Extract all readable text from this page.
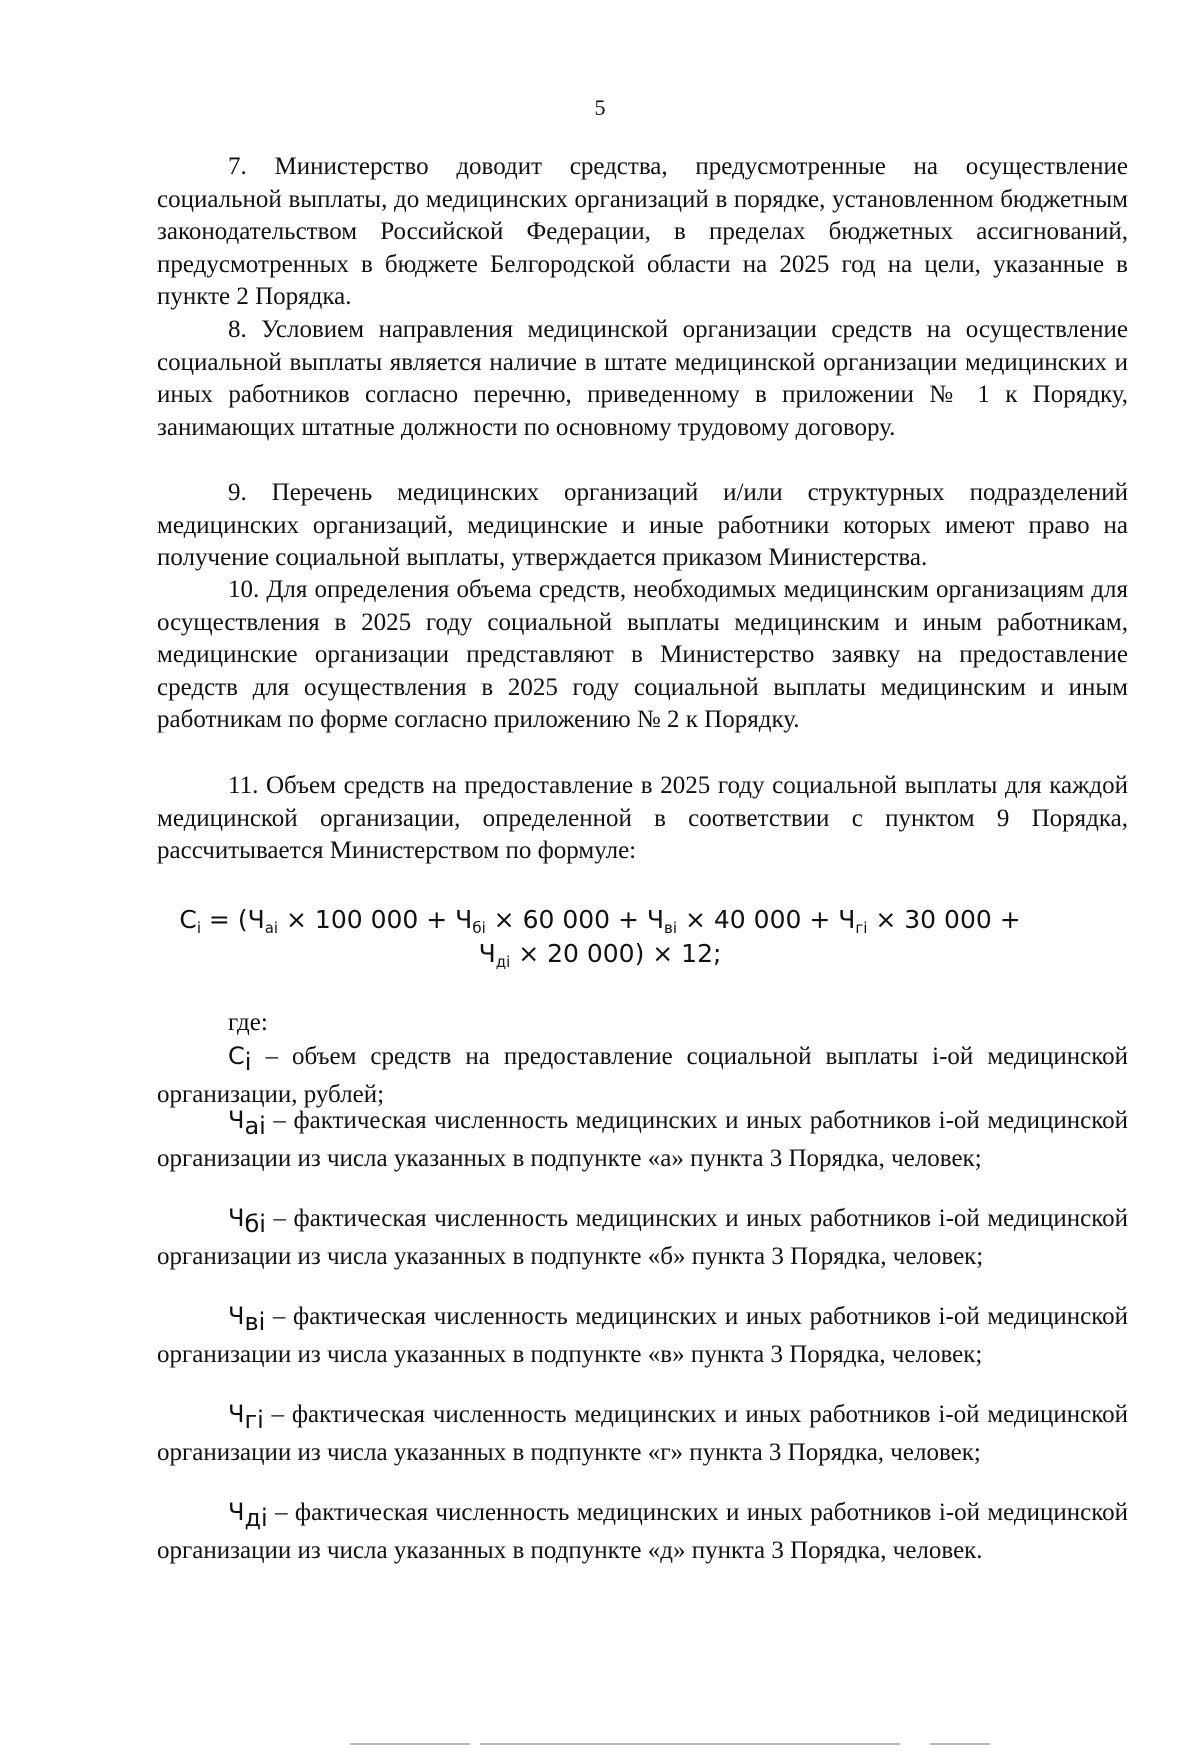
5
7. Министерство доводит средства, предусмотренные на осуществление социальной выплаты, до медицинских организаций в порядке, установленном бюджетным законодательством Российской Федерации, в пределах бюджетных ассигнований, предусмотренных в бюджете Белгородской области на 2025 год на цели, указанные в пункте 2 Порядка.
8. Условием направления медицинской организации средств на осуществление социальной выплаты является наличие в штате медицинской организации медицинских и иных работников согласно перечню, приведенному в приложении № 1 к Порядку, занимающих штатные должности по основному трудовому договору.
9. Перечень медицинских организаций и/или структурных подразделений медицинских организаций, медицинские и иные работники которых имеют право на получение социальной выплаты, утверждается приказом Министерства.
10. Для определения объема средств, необходимых медицинским организациям для осуществления в 2025 году социальной выплаты медицинским и иным работникам, медицинские организации представляют в Министерство заявку на предоставление средств для осуществления в 2025 году социальной выплаты медицинским и иным работникам по форме согласно приложению № 2 к Порядку.
11. Объем средств на предоставление в 2025 году социальной выплаты для каждой медицинской организации, определенной в соответствии с пунктом 9 Порядка, рассчитывается Министерством по формуле:
$С_i = (Ч_{ai} \times 100$ $000 + Ч_{бi} \times 60$ $000 + Ч_{вi} \times 40$ $000 + Ч_{гi} \times 30$ 000 +
$Ч_{дi} \times 20$ 000) × 12;
где:
$С_i$ – объем средств на предоставление социальной выплаты i-ой медицинской организации, рублей;
$Ч_{ai}$ – фактическая численность медицинских и иных работников i-ой медицинской организации из числа указанных в подпункте «а» пункта 3 Порядка, человек;
$Ч_{бi}$ – фактическая численность медицинских и иных работников i-ой медицинской организации из числа указанных в подпункте «б» пункта 3 Порядка, человек;
$Ч_{вi}$ – фактическая численность медицинских и иных работников i-ой медицинской организации из числа указанных в подпункте «в» пункта 3 Порядка, человек;
$Ч_{гi}$ – фактическая численность медицинских и иных работников i-ой медицинской организации из числа указанных в подпункте «г» пункта 3 Порядка, человек;
$Ч_{дi}$ – фактическая численность медицинских и иных работников i-ой медицинской организации из числа указанных в подпункте «д» пункта 3 Порядка, человек.
